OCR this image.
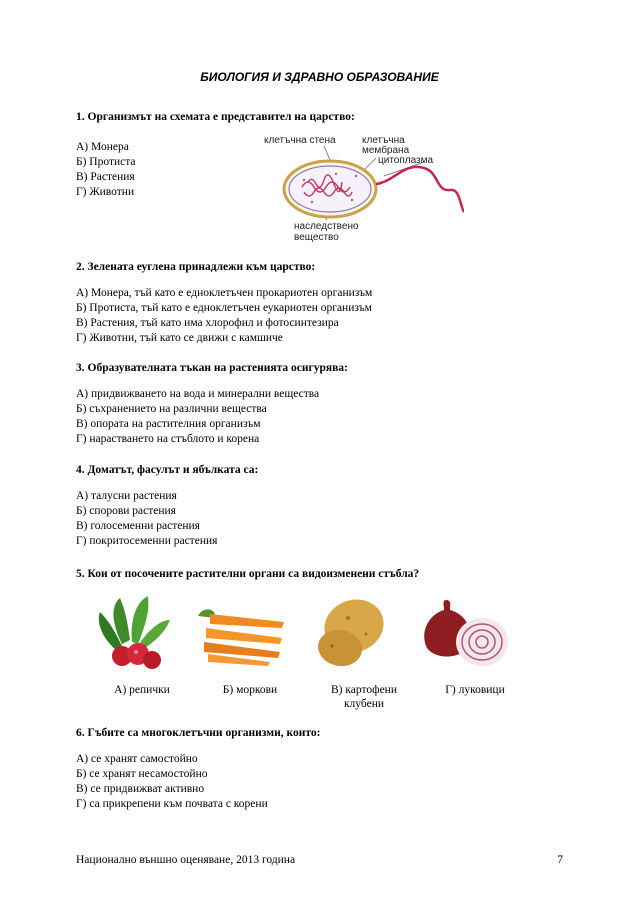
БИОЛОГИЯ И ЗДРАВНО ОБРАЗОВАНИЕ
1. Организмът на схемата е представител на царство:
А) Монера
Б) Протиста
В) Растения
Г) Животни
клетъчна стена	клетъчна
мембрана
цитоплазма
наследствено
вещество
2. Зелената еуглена принадлежи към царство:
А) Монера, тъй като е едноклетъчен прокариотен организъм
Б) Протиста, тъй като е едноклетъчен еукариотен организъм
В) Растения, тъй като има хлорофил и фотосинтезира
Г) Животни, тъй като се движи с камшиче
3. Образувателната тъкан на растенията осигурява:
А) придвижването на вода и минерални вещества
Б) съхранението на различни вещества
В) опората на растителния организъм
Г) нарастването на стъблото и корена
4. Доматът, фасулът и ябълката са:
А) талусни растения
Б) спорови растения
В) голосеменни растения
Г) покритосеменни растения
5. Кои от посочените растителни органи са видоизменени стъбла?
А) репички	Б) моркови	В) картофени
клубени
Г) луковици
6. Гъбите са многоклетъчни организми, които:
А) се хранят самостойно
Б) се хранят несамостойно
В) се придвижват активно
Г) са прикрепени към почвата с корени
Национално външно оценяване, 2013 година	7
